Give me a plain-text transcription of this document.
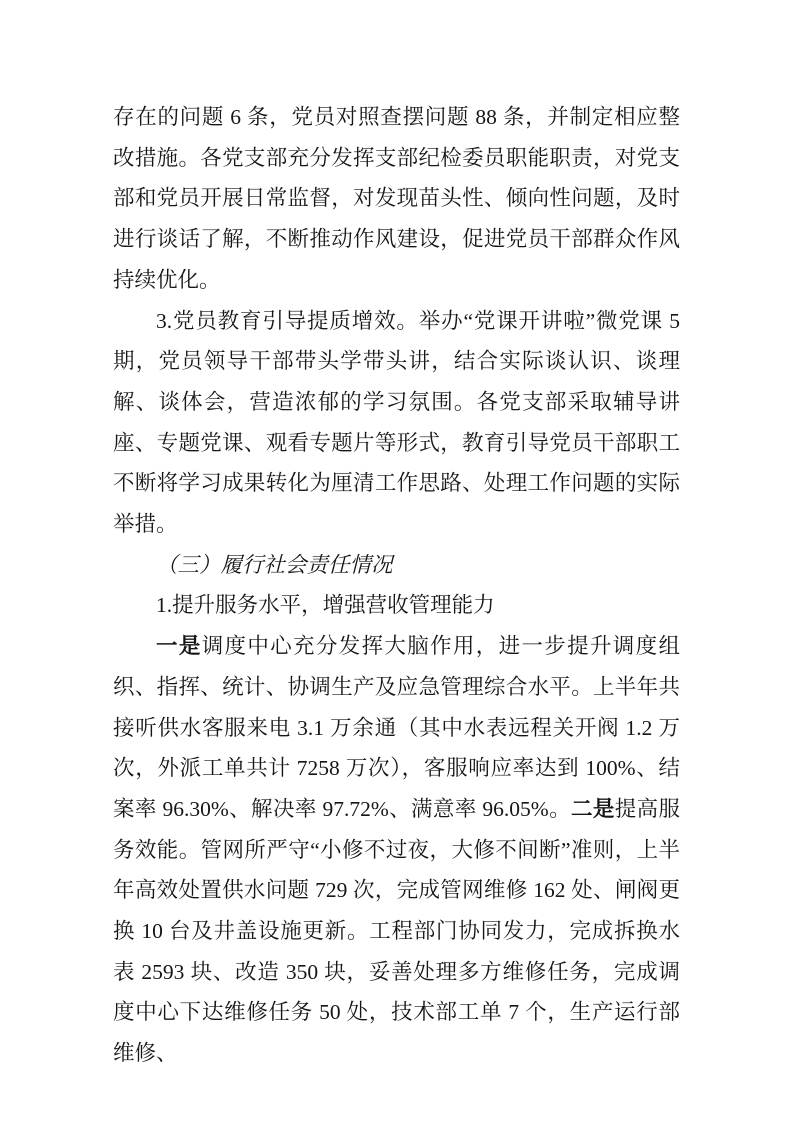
存在的问题 6 条，党员对照查摆问题 88 条，并制定相应整改措施。各党支部充分发挥支部纪检委员职能职责，对党支部和党员开展日常监督，对发现苗头性、倾向性问题，及时进行谈话了解，不断推动作风建设，促进党员干部群众作风持续优化。

3.党员教育引导提质增效。举办“党课开讲啦”微党课 5 期，党员领导干部带头学带头讲，结合实际谈认识、谈理解、谈体会，营造浓郁的学习氛围。各党支部采取辅导讲座、专题党课、观看专题片等形式，教育引导党员干部职工不断将学习成果转化为厘清工作思路、处理工作问题的实际举措。

（三）履行社会责任情况

1.提升服务水平，增强营收管理能力

一是调度中心充分发挥大脑作用，进一步提升调度组织、指挥、统计、协调生产及应急管理综合水平。上半年共接听供水客服来电 3.1 万余通（其中水表远程关开阀 1.2 万次，外派工单共计 7258 万次），客服响应率达到 100%、结案率 96.30%、解决率 97.72%、满意率 96.05%。二是提高服务效能。管网所严守“小修不过夜，大修不间断”准则，上半年高效处置供水问题 729 次，完成管网维修 162 处、闸阀更换 10 台及井盖设施更新。工程部门协同发力，完成拆换水表 2593 块、改造 350 块，妥善处理多方维修任务，完成调度中心下达维修任务 50 处，技术部工单 7 个，生产运行部维修、
